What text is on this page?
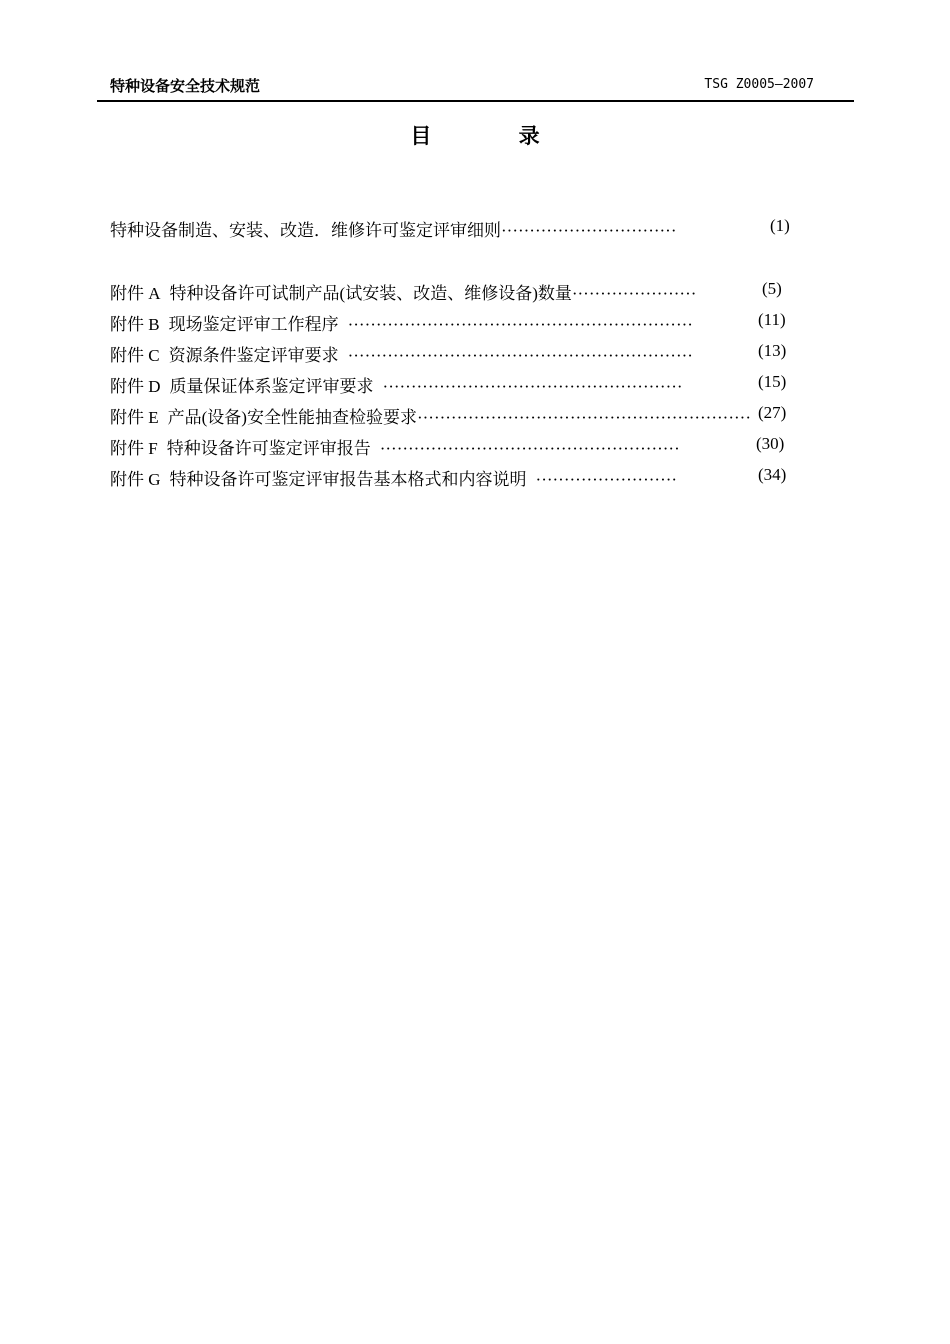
特种设备安全技术规范	TSG Z0005—2007
目 录
特种设备制造、安装、改造．维修许可鉴定评审细则·······························	(1)
附件 A 特种设备许可试制产品(试安装、改造、维修设备)数量······················	(5)
附件 B 现场鉴定评审工作程序 ·····························································	(11)
附件 C 资源条件鉴定评审要求 ·····························································	(13)
附件 D 质量保证体系鉴定评审要求 ·····················································	(15)
附件 E 产品(设备)安全性能抽查检验要求··························································· (27)
附件 F 特种设备许可鉴定评审报告 ·····················································	(30)
附件 G 特种设备许可鉴定评审报告基本格式和内容说明 ·························	(34)
